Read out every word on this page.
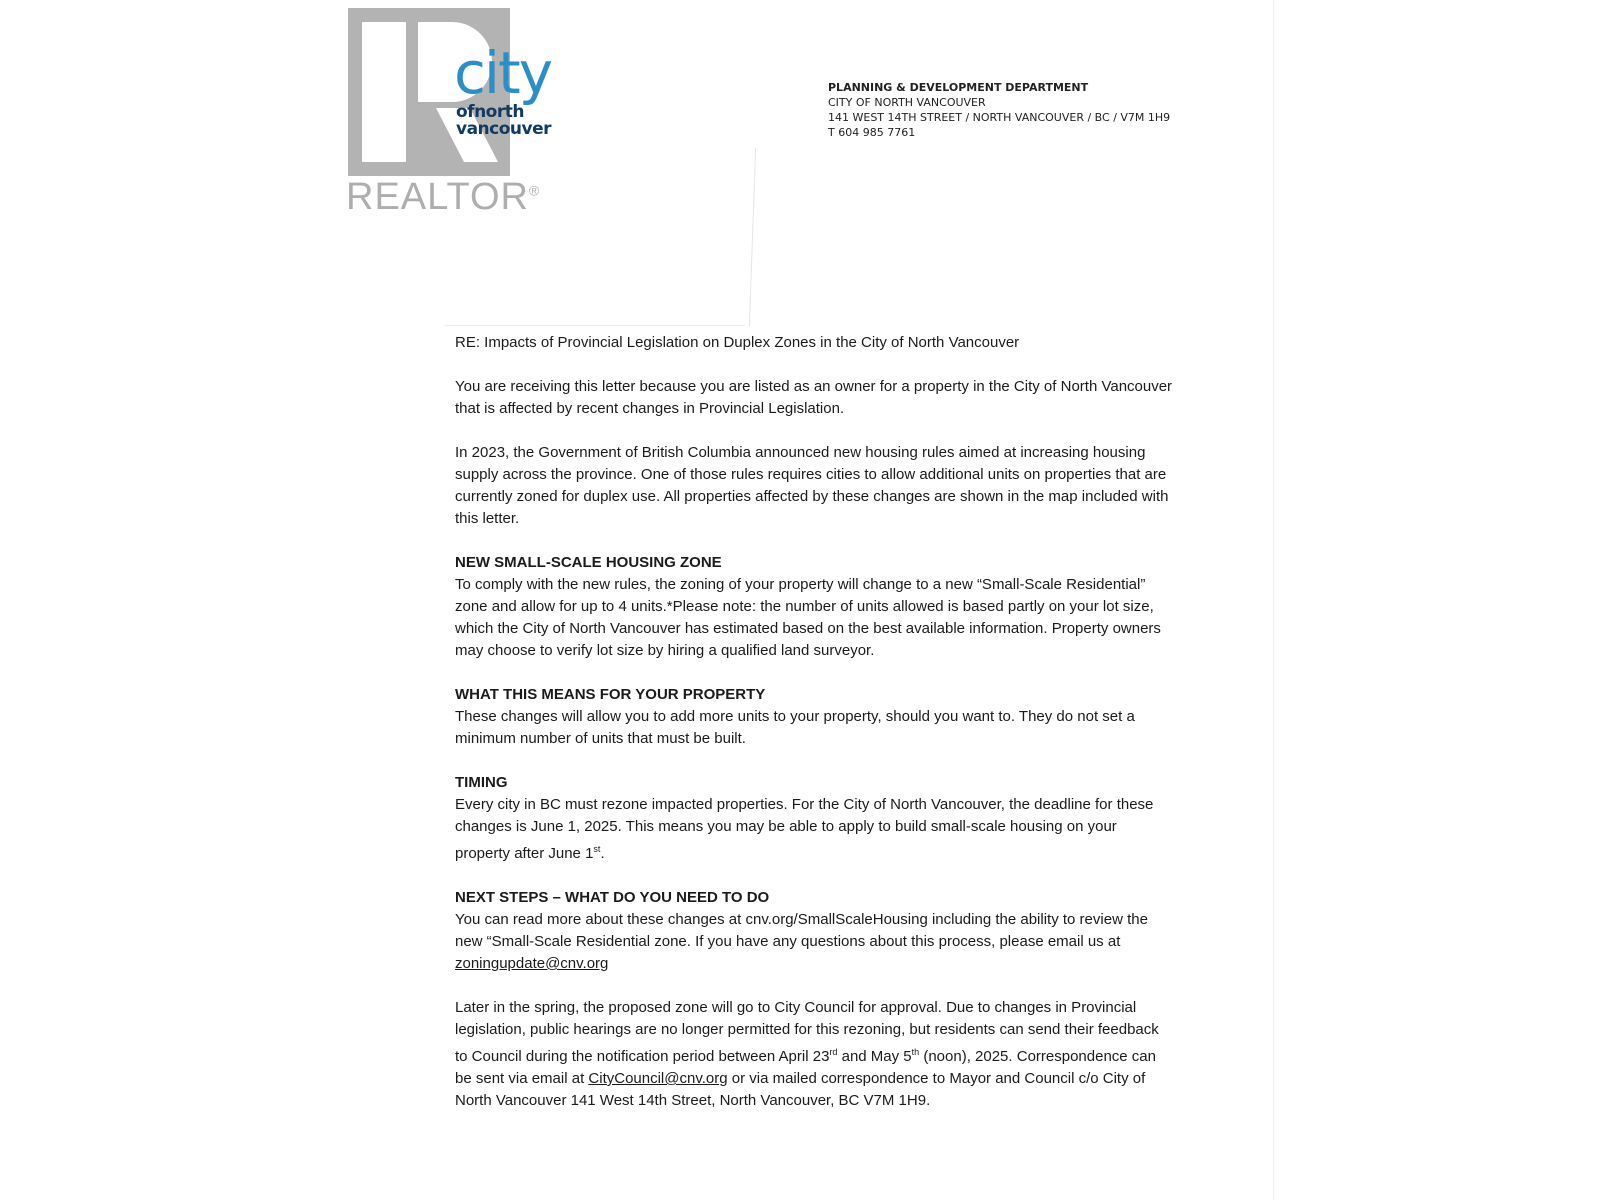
REALTOR®
city
ofnorth
vancouver
PLANNING & DEVELOPMENT DEPARTMENT
CITY OF NORTH VANCOUVER
141 WEST 14TH STREET / NORTH VANCOUVER / BC / V7M 1H9
T 604 985 7761

RE: Impacts of Provincial Legislation on Duplex Zones in the City of North Vancouver

You are receiving this letter because you are listed as an owner for a property in the City of North Vancouver that is affected by recent changes in Provincial Legislation.

In 2023, the Government of British Columbia announced new housing rules aimed at increasing housing supply across the province. One of those rules requires cities to allow additional units on properties that are currently zoned for duplex use. All properties affected by these changes are shown in the map included with this letter.

NEW SMALL-SCALE HOUSING ZONE

To comply with the new rules, the zoning of your property will change to a new “Small-Scale Residential” zone and allow for up to 4 units.*Please note: the number of units allowed is based partly on your lot size, which the City of North Vancouver has estimated based on the best available information. Property owners may choose to verify lot size by hiring a qualified land surveyor.

WHAT THIS MEANS FOR YOUR PROPERTY

These changes will allow you to add more units to your property, should you want to. They do not set a minimum number of units that must be built.

TIMING

Every city in BC must rezone impacted properties. For the City of North Vancouver, the deadline for these changes is June 1, 2025. This means you may be able to apply to build small-scale housing on your property after June 1st.

NEXT STEPS – WHAT DO YOU NEED TO DO

You can read more about these changes at cnv.org/SmallScaleHousing including the ability to review the new “Small-Scale Residential zone. If you have any questions about this process, please email us at zoningupdate@cnv.org

Later in the spring, the proposed zone will go to City Council for approval. Due to changes in Provincial legislation, public hearings are no longer permitted for this rezoning, but residents can send their feedback to Council during the notification period between April 23rd and May 5th (noon), 2025. Correspondence can be sent via email at CityCouncil@cnv.org or via mailed correspondence to Mayor and Council c/o City of North Vancouver 141 West 14th Street, North Vancouver, BC V7M 1H9.
